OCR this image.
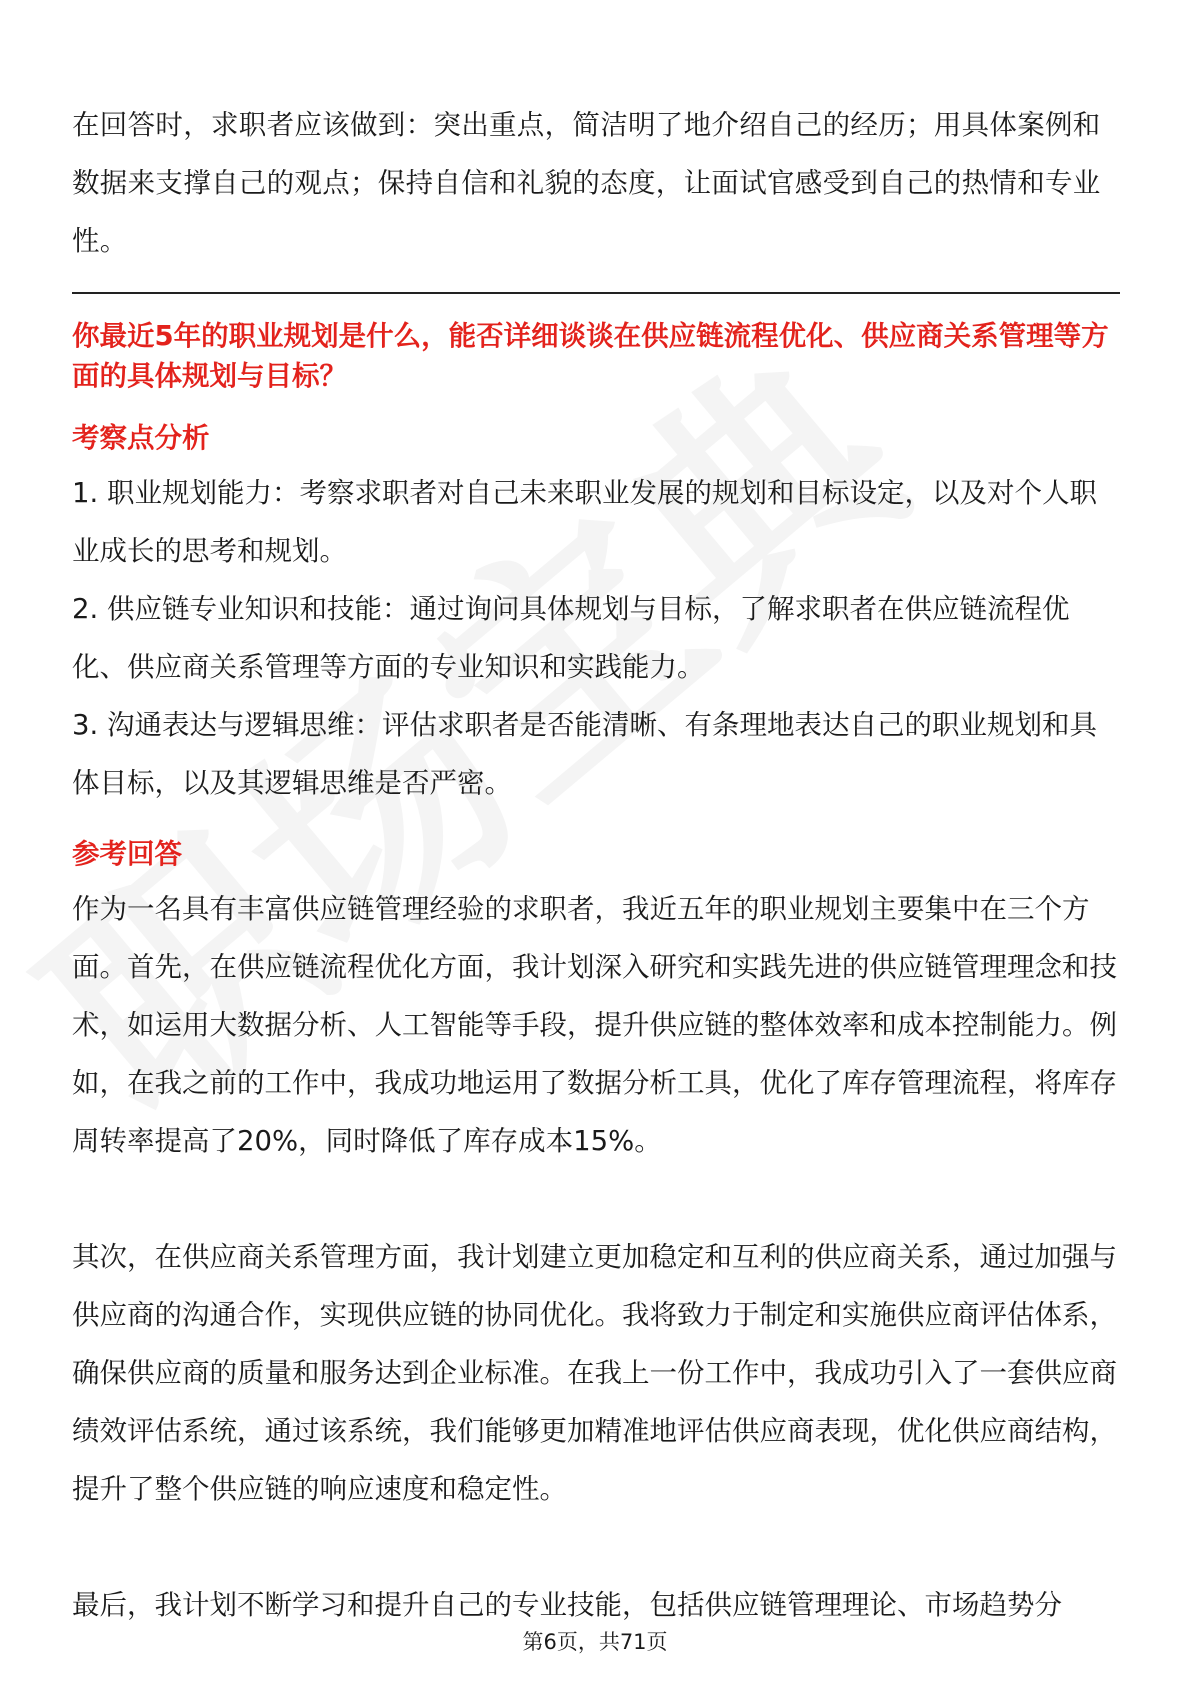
在回答时，求职者应该做到：突出重点，简洁明了地介绍自己的经历；用具体案例和数据来支撑自己的观点；保持自信和礼貌的态度，让面试官感受到自己的热情和专业性。

你最近5年的职业规划是什么，能否详细谈谈在供应链流程优化、供应商关系管理等方面的具体规划与目标？

考察点分析

1. 职业规划能力：考察求职者对自己未来职业发展的规划和目标设定，以及对个人职业成长的思考和规划。

2. 供应链专业知识和技能：通过询问具体规划与目标，了解求职者在供应链流程优化、供应商关系管理等方面的专业知识和实践能力。

3. 沟通表达与逻辑思维：评估求职者是否能清晰、有条理地表达自己的职业规划和具体目标，以及其逻辑思维是否严密。

参考回答

作为一名具有丰富供应链管理经验的求职者，我近五年的职业规划主要集中在三个方面。首先，在供应链流程优化方面，我计划深入研究和实践先进的供应链管理理念和技术，如运用大数据分析、人工智能等手段，提升供应链的整体效率和成本控制能力。例如，在我之前的工作中，我成功地运用了数据分析工具，优化了库存管理流程，将库存周转率提高了20%，同时降低了库存成本15%。

其次，在供应商关系管理方面，我计划建立更加稳定和互利的供应商关系，通过加强与供应商的沟通合作，实现供应链的协同优化。我将致力于制定和实施供应商评估体系，确保供应商的质量和服务达到企业标准。在我上一份工作中，我成功引入了一套供应商绩效评估系统，通过该系统，我们能够更加精准地评估供应商表现，优化供应商结构，提升了整个供应链的响应速度和稳定性。

最后，我计划不断学习和提升自己的专业技能，包括供应链管理理论、市场趋势分

第6页，共71页
